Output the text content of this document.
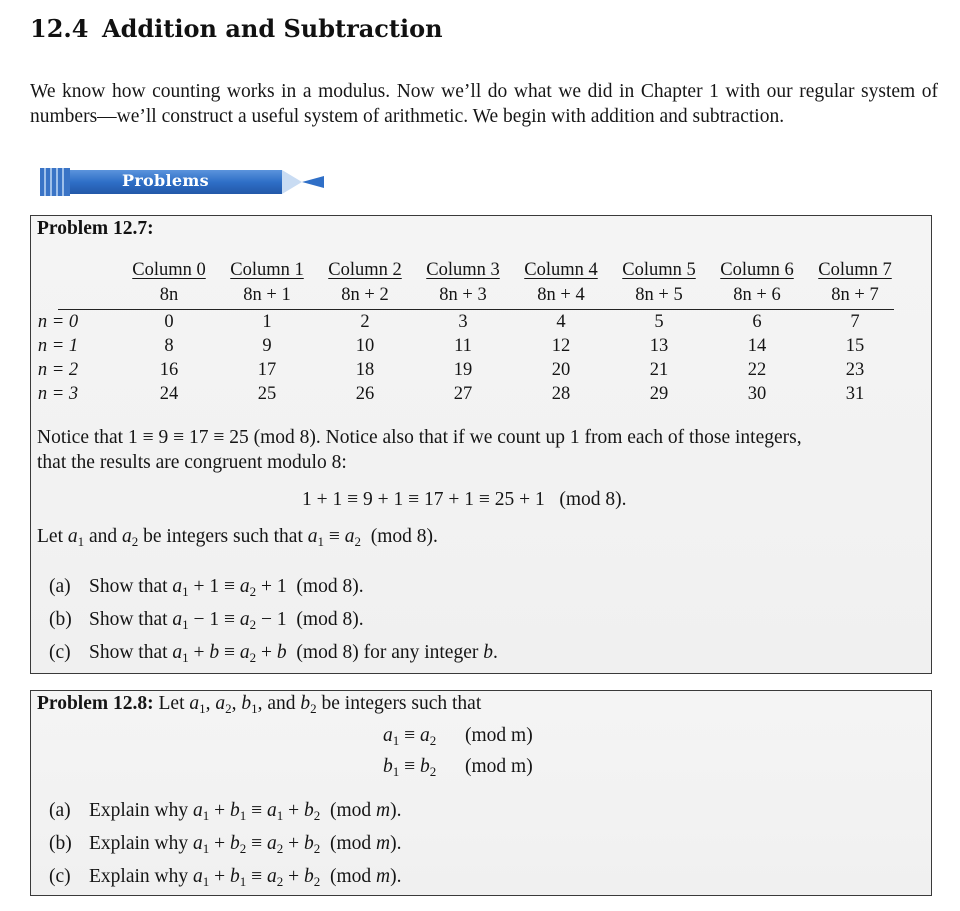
12.4 Addition and Subtraction
We know how counting works in a modulus. Now we’ll do what we did in Chapter 1 with our regular system of numbers—we’ll construct a useful system of arithmetic. We begin with addition and subtraction.
Problems
Problem 12.7:
Column 0	Column 1	Column 2	Column 3	Column 4	Column 5	Column 6	Column 7
8n	8n + 1	8n + 2	8n + 3	8n + 4	8n + 5	8n + 6	8n + 7
n = 0	0	1	2	3	4	5	6	7
n = 1	8	9	10	11	12	13	14	15
n = 2	16	17	18	19	20	21	22	23
n = 3	24	25	26	27	28	29	30	31
Notice that 1 ≡ 9 ≡ 17 ≡ 25 (mod 8). Notice also that if we count up 1 from each of those integers,
that the results are congruent modulo 8:
1 + 1 ≡ 9 + 1 ≡ 17 + 1 ≡ 25 + 1   (mod 8).
Let $a_1$ and $a_2$ be integers such that $a_1 \equiv a_2$  (mod 8).
(a) Show that $a_1 + 1 \equiv a_2 + 1$  (mod 8).
(b) Show that $a_1 - 1 \equiv a_2 - 1$  (mod 8).
(c) Show that $a_1 + b \equiv a_2 + b$  (mod 8) for any integer b.
Problem 12.8: Let $a_1$, $a_2$, $b_1$, and $b_2$ be integers such that
$a_1 \equiv a_2$ (mod m)
$b_1 \equiv b_2$ (mod m)
(a) Explain why $a_1 + b_1 \equiv a_1 + b_2$  (mod m).
(b) Explain why $a_1 + b_2 \equiv a_2 + b_2$  (mod m).
(c) Explain why $a_1 + b_1 \equiv a_2 + b_2$  (mod m).
